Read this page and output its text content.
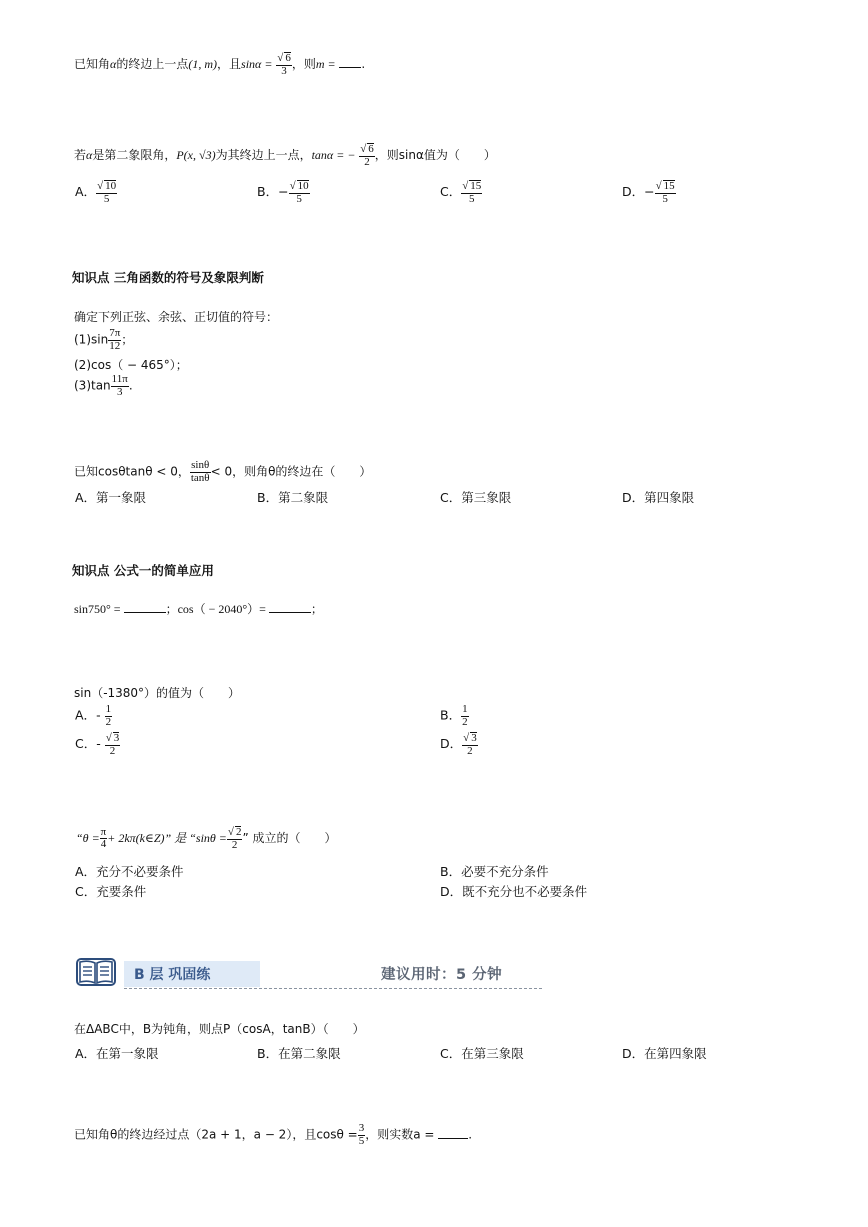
已知角α的终边上一点(1, m)，且$\sin\alpha = \frac{√ 6}{3}$ ，则m = .
若α是第二象限角，P(x, √3)为其终边上一点，tanα = − $\frac{√ 6}{2}$ ，则sinα值为（　　）
A． $\frac{√ 10}{5}$	B．− $\frac{√ 10}{5}$	C． $\frac{√ 15}{5}$	D．− $\frac{√ 15}{5}$
知识点 三角函数的符号及象限判断
确定下列正弦、余弦、正切值的符号：
$(1)\sin \frac{7\pi}{12}$ ；
(2)cos（ − 465°）；
$(3)\tan \frac{11\pi}{3}$ .
已知cosθtanθ < 0， $\frac{\sin\theta}{\tan\theta} < 0$，则角θ的终边在（　　）
A．第一象限	B．第二象限	C．第三象限	D．第四象限
知识点 公式一的简单应用
sin750° =	；cos（ − 2040°）=	；
sin（-1380°）的值为（　　）
A．- $\frac{1}{2}$	B． $\frac{1}{2}$
C．- $\frac{√ 3}{2}$	D． $\frac{√ 3}{2}$
“$\theta = \frac{\pi}{4}$ + 2kπ(k∈Z)” 是 “$\sin\theta = \frac{√ 2}{2}$ ” 成立的（　　）
A．充分不必要条件	B．必要不充分条件
C．充要条件	D．既不充分也不必要条件
B 层 巩固练	建议用时：5 分钟
在ΔABC中，B为钝角，则点P（cosA，tanB）（　　）
A．在第一象限	B．在第二象限	C．在第三象限	D．在第四象限
已知角θ的终边经过点（2a + 1，a − 2），且$\cos\theta = \frac{3}{5}$ ，则实数a =	.
